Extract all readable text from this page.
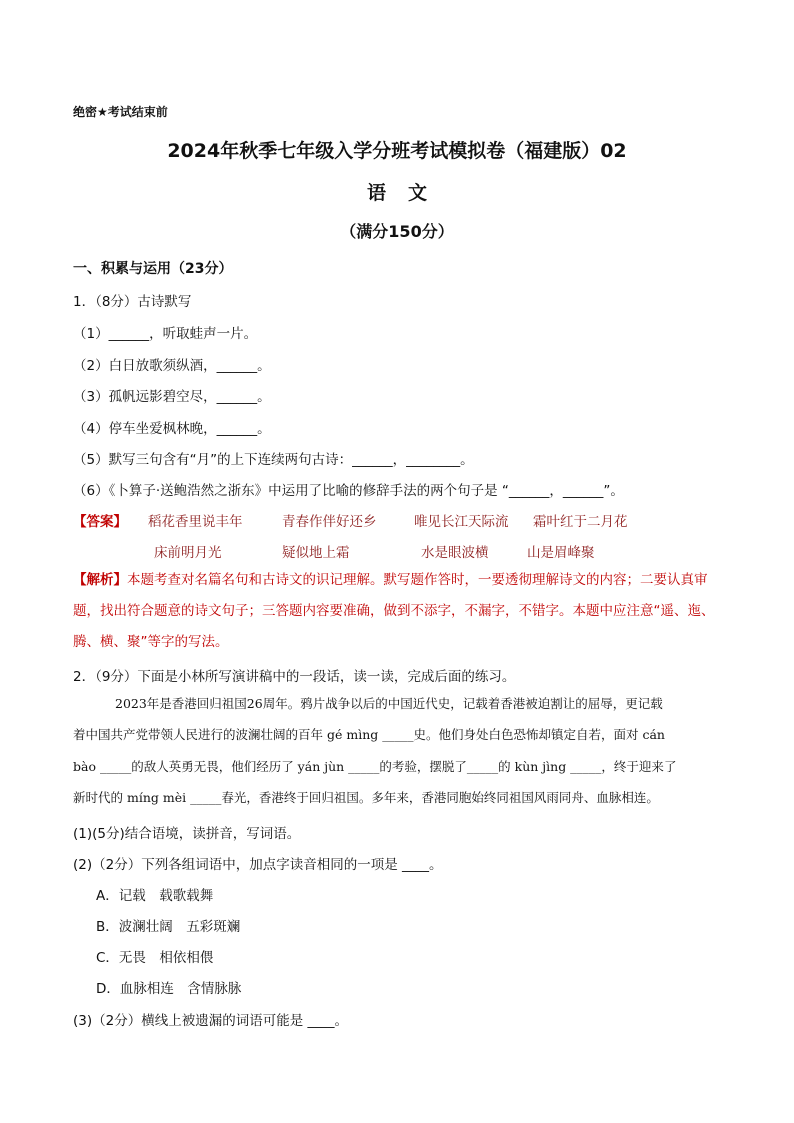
绝密★考试结束前
2024年秋季七年级入学分班考试模拟卷（福建版）02
语文
（满分150分）
一、积累与运用（23分）
1．（8分）古诗默写
（1）______，听取蛙声一片。
（2）白日放歌须纵酒，______。
（3）孤帆远影碧空尽，______。
（4）停车坐爱枫林晚，______。
（5）默写三句含有“月”的上下连续两句古诗：______，________。
（6）《卜算子·送鲍浩然之浙东》中运用了比喻的修辞手法的两个句子是 “______，______”。
【答案】 稻花香里说丰年	青春作伴好还乡	唯见长江天际流 霜叶红于二月花
床前明月光	疑似地上霜	水是眼波横	山是眉峰聚
【解析】本题考查对名篇名句和古诗文的识记理解。默写题作答时，一要透彻理解诗文的内容；二要认真审题，找出符合题意的诗文句子；三答题内容要准确，做到不添字，不漏字，不错字。本题中应注意“遥、迤、腾、横、聚”等字的写法。
2．（9分）下面是小林所写演讲稿中的一段话，读一读，完成后面的练习。
2023年是香港回归祖国26周年。鸦片战争以后的中国近代史，记载着香港被迫割让的屈辱，更记载
着中国共产党带领人民进行的波澜壮阔的百年 gé mìng _____史。他们身处白色恐怖却镇定自若，面对 cán
bào _____的敌人英勇无畏，他们经历了 yán jùn _____的考验，摆脱了_____的 kùn jìng _____，终于迎来了
新时代的 míng mèi _____春光，香港终于回归祖国。多年来，香港同胞始终同祖国风雨同舟、血脉相连。
(1)(5分)结合语境，读拼音，写词语。
(2)（2分）下列各组词语中，加点字读音相同的一项是 ____。
A．记载　载歌载舞
B．波澜壮阔　五彩斑斓
C．无畏　相依相偎
D．血脉相连　含情脉脉
(3)（2分）横线上被遗漏的词语可能是 ____。
